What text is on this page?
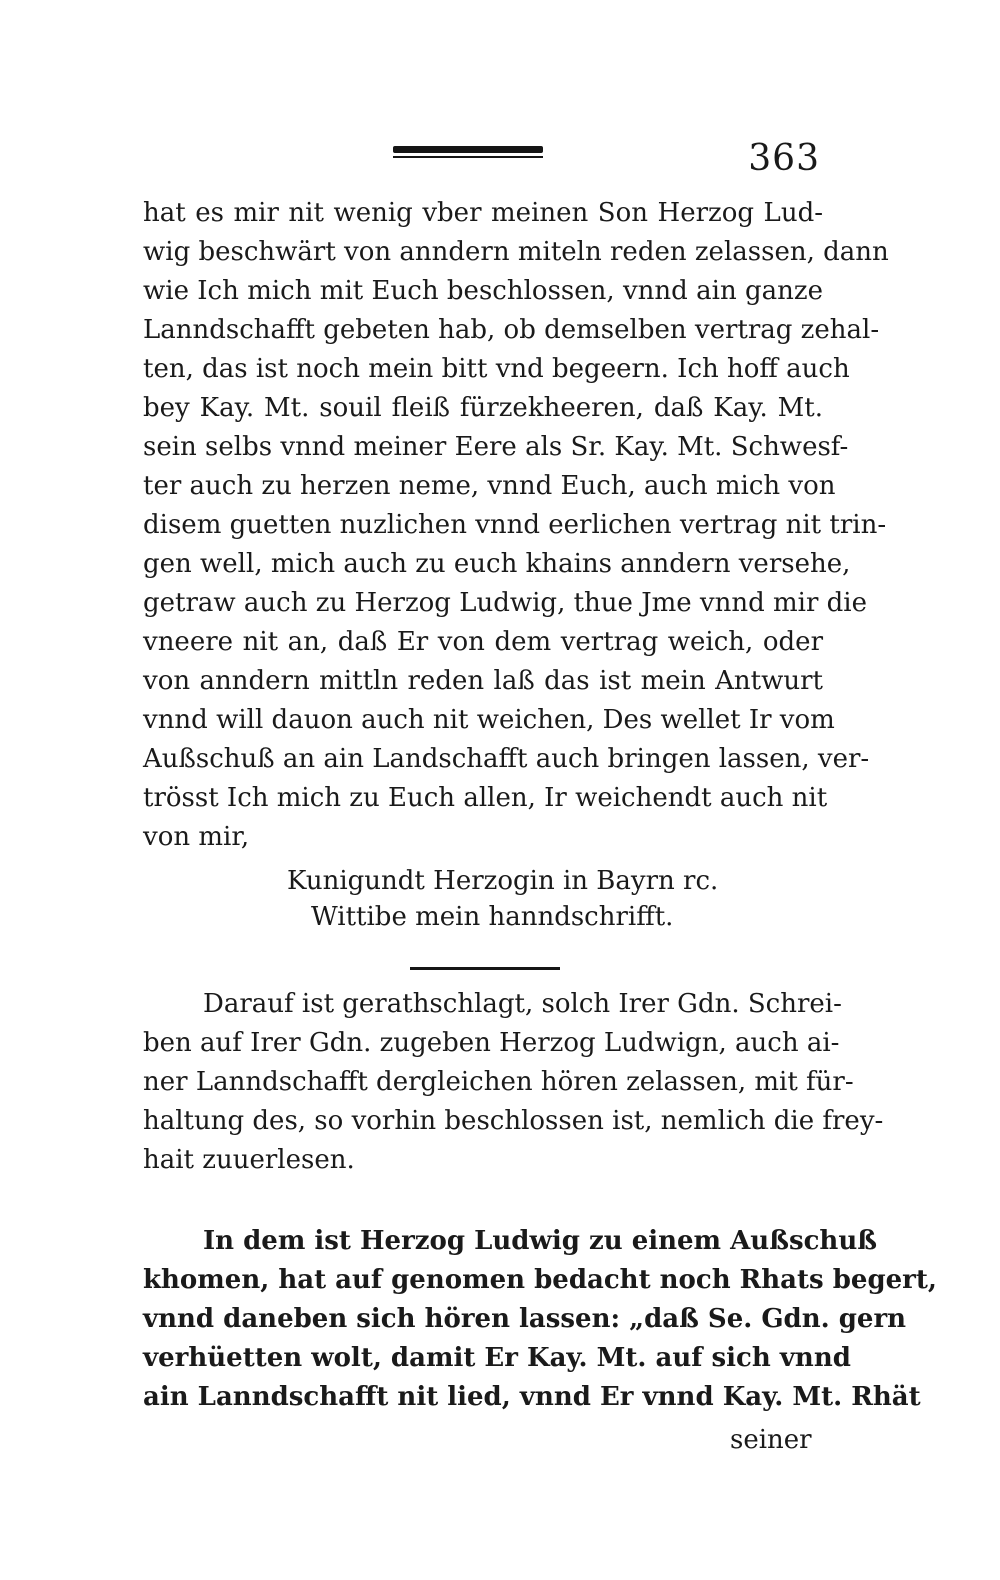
363
hat es mir nit wenig vber meinen Son Herzog Lud-
wig beschwärt von anndern miteln reden zelassen, dann
wie Ich mich mit Euch beschlossen, vnnd ain ganze
Lanndschafft gebeten hab, ob demselben vertrag zehal-
ten, das ist noch mein bitt vnd begeern. Ich hoff auch
bey Kay. Mt. souil fleiß fürzekheeren, daß Kay. Mt.
sein selbs vnnd meiner Eere als Sr. Kay. Mt. Schwesf-
ter auch zu herzen neme, vnnd Euch, auch mich von
disem guetten nuzlichen vnnd eerlichen vertrag nit trin-
gen well, mich auch zu euch khains anndern versehe,
getraw auch zu Herzog Ludwig, thue Jme vnnd mir die
vneere nit an, daß Er von dem vertrag weich, oder
von anndern mittln reden laß das ist mein Antwurt
vnnd will dauon auch nit weichen, Des wellet Ir vom
Außschuß an ain Landschafft auch bringen lassen, ver-
trösst Ich mich zu Euch allen, Ir weichendt auch nit
von mir,
Kunigundt Herzogin in Bayrn rc.
Wittibe mein hanndschrifft.
Darauf ist gerathschlagt, solch Irer Gdn. Schrei-
ben auf Irer Gdn. zugeben Herzog Ludwign, auch ai-
ner Lanndschafft dergleichen hören zelassen, mit für-
haltung des, so vorhin beschlossen ist, nemlich die frey-
hait zuuerlesen.
In dem ist Herzog Ludwig zu einem Außschuß
khomen, hat auf genomen bedacht noch Rhats begert,
vnnd daneben sich hören lassen: „daß Se. Gdn. gern
verhüetten wolt, damit Er Kay. Mt. auf sich vnnd
ain Lanndschafft nit lied, vnnd Er vnnd Kay. Mt. Rhät
seiner
